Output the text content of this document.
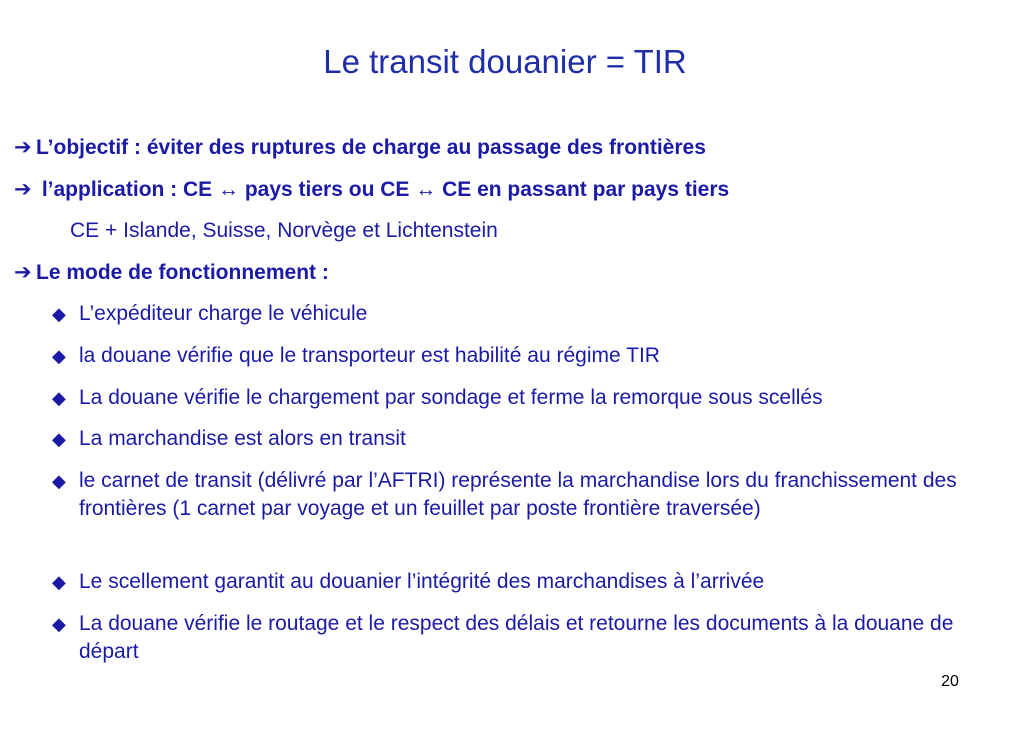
Le transit douanier = TIR
➔ L’objectif : éviter des ruptures de charge au passage des frontières
➔ l’application : CE ↔ pays tiers ou CE ↔ CE en passant par pays tiers
CE + Islande, Suisse, Norvège et Lichtenstein
➔ Le mode de fonctionnement :
◆ L’expéditeur charge le véhicule
◆ la douane vérifie que le transporteur est habilité au régime TIR
◆ La douane vérifie le chargement par sondage et ferme la remorque sous scellés
◆ La marchandise est alors en transit
◆ le carnet de transit (délivré par l’AFTRI) représente la marchandise lors du franchissement des frontières (1 carnet par voyage et un feuillet par poste frontière traversée)
◆ Le scellement garantit au douanier l’intégrité des marchandises à l’arrivée
◆ La douane vérifie le routage et le respect des délais et retourne les documents à la douane de départ
20
